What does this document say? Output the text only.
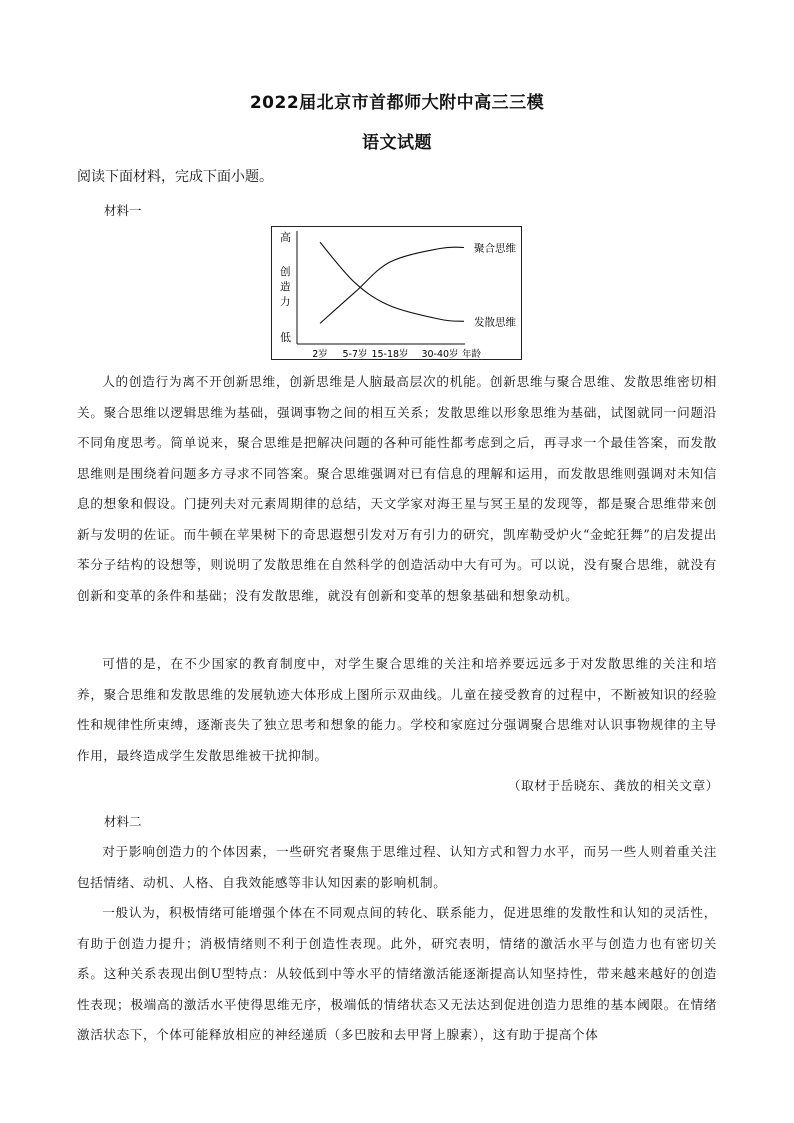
2022届北京市首都师大附中高三三模
语文试题
阅读下面材料，完成下面小题。
材料一
高
低
年龄
创
造
力
聚合思维
发散思维
2岁 5-7岁 15-18岁 30-40岁

人的创造行为离不开创新思维，创新思维是人脑最高层次的机能。创新思维与聚合思维、发散思维密切相关。聚合思维以逻辑思维为基础，强调事物之间的相互关系；发散思维以形象思维为基础，试图就同一问题沿不同角度思考。简单说来，聚合思维是把解决问题的各种可能性都考虑到之后，再寻求一个最佳答案，而发散思维则是围绕着问题多方寻求不同答案。聚合思维强调对已有信息的理解和运用，而发散思维则强调对未知信息的想象和假设。门捷列夫对元素周期律的总结，天文学家对海王星与冥王星的发现等，都是聚合思维带来创新与发明的佐证。而牛顿在苹果树下的奇思遐想引发对万有引力的研究，凯库勒受炉火“金蛇狂舞”的启发提出苯分子结构的设想等，则说明了发散思维在自然科学的创造活动中大有可为。可以说，没有聚合思维，就没有创新和变革的条件和基础；没有发散思维，就没有创新和变革的想象基础和想象动机。

可惜的是，在不少国家的教育制度中，对学生聚合思维的关注和培养要远远多于对发散思维的关注和培养，聚合思维和发散思维的发展轨迹大体形成上图所示双曲线。儿童在接受教育的过程中，不断被知识的经验性和规律性所束缚，逐渐丧失了独立思考和想象的能力。学校和家庭过分强调聚合思维对认识事物规律的主导作用，最终造成学生发散思维被干扰抑制。

（取材于岳晓东、龚放的相关文章）
材料二

对于影响创造力的个体因素，一些研究者聚焦于思维过程、认知方式和智力水平，而另一些人则着重关注包括情绪、动机、人格、自我效能感等非认知因素的影响机制。

一般认为，积极情绪可能增强个体在不同观点间的转化、联系能力，促进思维的发散性和认知的灵活性，有助于创造力提升；消极情绪则不利于创造性表现。此外，研究表明，情绪的激活水平与创造力也有密切关系。这种关系表现出倒U型特点：从较低到中等水平的情绪激活能逐渐提高认知坚持性，带来越来越好的创造性表现；极端高的激活水平使得思维无序，极端低的情绪状态又无法达到促进创造力思维的基本阈限。在情绪激活状态下，个体可能释放相应的神经递质（多巴胺和去甲肾上腺素），这有助于提高个体
